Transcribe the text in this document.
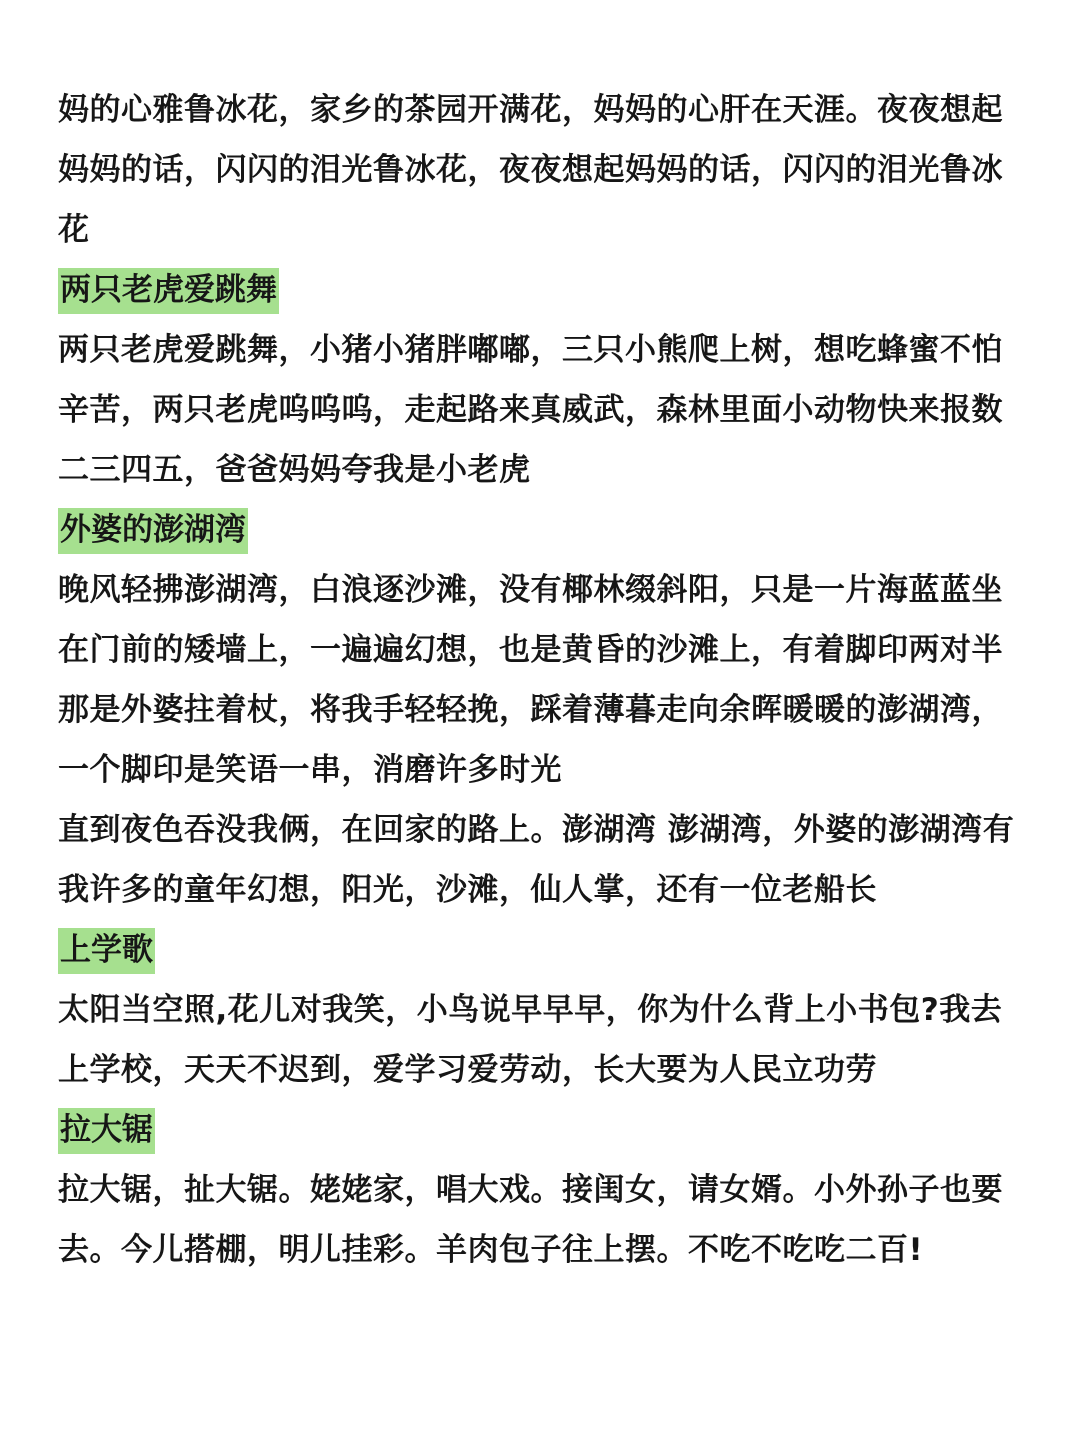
妈的心雅鲁冰花，家乡的茶园开满花，妈妈的心肝在天涯。夜夜想起妈妈的话，闪闪的泪光鲁冰花，夜夜想起妈妈的话，闪闪的泪光鲁冰花

两只老虎爱跳舞

两只老虎爱跳舞，小猪小猪胖嘟嘟，三只小熊爬上树，想吃蜂蜜不怕辛苦，两只老虎呜呜呜，走起路来真威武，森林里面小动物快来报数二三四五，爸爸妈妈夸我是小老虎

外婆的澎湖湾

晚风轻拂澎湖湾，白浪逐沙滩，没有椰林缀斜阳，只是一片海蓝蓝坐在门前的矮墙上，一遍遍幻想，也是黄昏的沙滩上，有着脚印两对半那是外婆拄着杖，将我手轻轻挽，踩着薄暮走向余晖暖暖的澎湖湾，一个脚印是笑语一串，消磨许多时光

直到夜色吞没我俩，在回家的路上。澎湖湾 澎湖湾，外婆的澎湖湾有我许多的童年幻想，阳光，沙滩，仙人掌，还有一位老船长

上学歌

太阳当空照,花儿对我笑，小鸟说早早早，你为什么背上小书包?我去上学校，天天不迟到，爱学习爱劳动，长大要为人民立功劳

拉大锯

拉大锯，扯大锯。姥姥家，唱大戏。接闺女，请女婿。小外孙子也要去。今儿搭棚，明儿挂彩。羊肉包子往上摆。不吃不吃吃二百!
